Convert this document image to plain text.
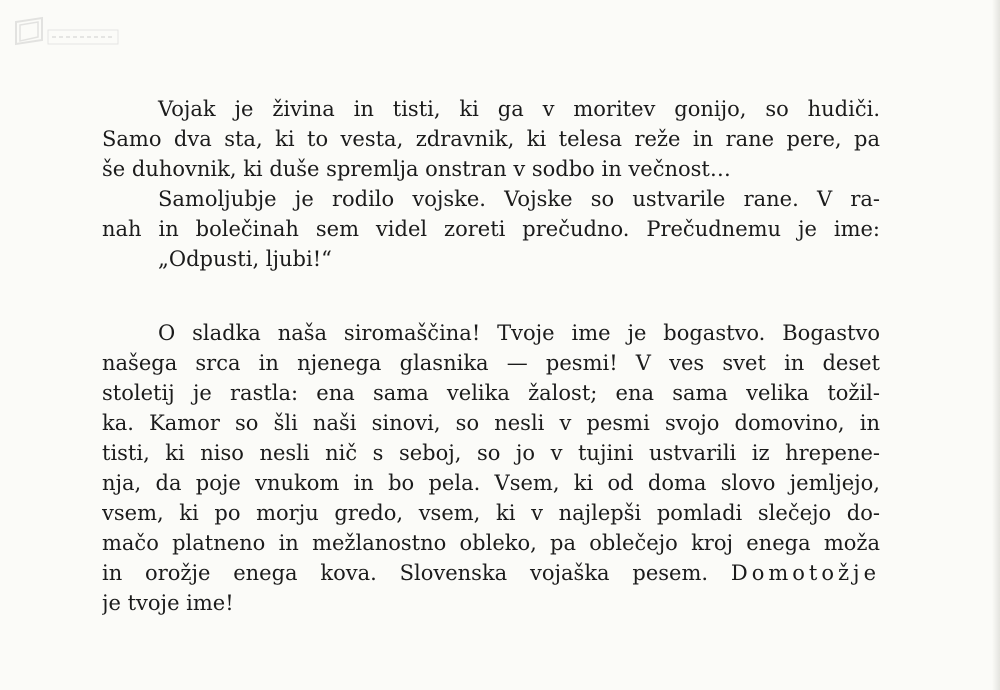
Vojak je živina in tisti, ki ga v moritev gonijo, so hudiči.
Samo dva sta, ki to vesta, zdravnik, ki telesa reže in rane pere, pa
še duhovnik, ki duše spremlja onstran v sodbo in večnost…
Samoljubje je rodilo vojske. Vojske so ustvarile rane. V ra-
nah in bolečinah sem videl zoreti prečudno. Prečudnemu je ime:
„Odpusti, ljubi!“
O sladka naša siromaščina! Tvoje ime je bogastvo. Bogastvo
našega srca in njenega glasnika — pesmi! V ves svet in deset
stoletij je rastla: ena sama velika žalost; ena sama velika tožil-
ka. Kamor so šli naši sinovi, so nesli v pesmi svojo domovino, in
tisti, ki niso nesli nič s seboj, so jo v tujini ustvarili iz hrepene-
nja, da poje vnukom in bo pela. Vsem, ki od doma slovo jemljejo,
vsem, ki po morju gredo, vsem, ki v najlepši pomladi slečejo do-
mačo platneno in mežlanostno obleko, pa oblečejo kroj enega moža
in orožje enega kova. Slovenska vojaška pesem. Domotožje
je tvoje ime!
